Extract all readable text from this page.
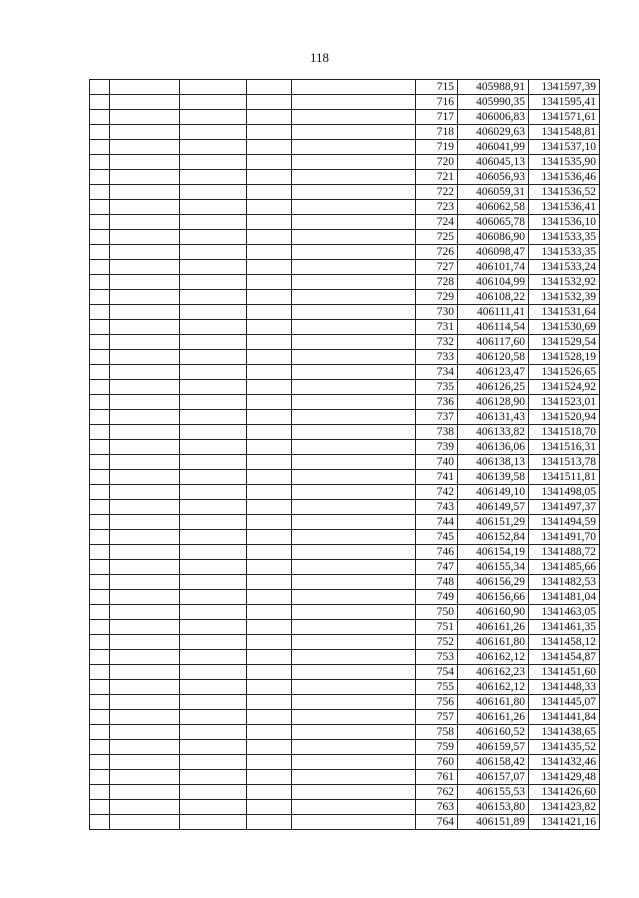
118
					715	405988,91	1341597,39
					716	405990,35	1341595,41
					717	406006,83	1341571,61
					718	406029,63	1341548,81
					719	406041,99	1341537,10
					720	406045,13	1341535,90
					721	406056,93	1341536,46
					722	406059,31	1341536,52
					723	406062,58	1341536,41
					724	406065,78	1341536,10
					725	406086,90	1341533,35
					726	406098,47	1341533,35
					727	406101,74	1341533,24
					728	406104,99	1341532,92
					729	406108,22	1341532,39
					730	406111,41	1341531,64
					731	406114,54	1341530,69
					732	406117,60	1341529,54
					733	406120,58	1341528,19
					734	406123,47	1341526,65
					735	406126,25	1341524,92
					736	406128,90	1341523,01
					737	406131,43	1341520,94
					738	406133,82	1341518,70
					739	406136,06	1341516,31
					740	406138,13	1341513,78
					741	406139,58	1341511,81
					742	406149,10	1341498,05
					743	406149,57	1341497,37
					744	406151,29	1341494,59
					745	406152,84	1341491,70
					746	406154,19	1341488,72
					747	406155,34	1341485,66
					748	406156,29	1341482,53
					749	406156,66	1341481,04
					750	406160,90	1341463,05
					751	406161,26	1341461,35
					752	406161,80	1341458,12
					753	406162,12	1341454,87
					754	406162,23	1341451,60
					755	406162,12	1341448,33
					756	406161,80	1341445,07
					757	406161,26	1341441,84
					758	406160,52	1341438,65
					759	406159,57	1341435,52
					760	406158,42	1341432,46
					761	406157,07	1341429,48
					762	406155,53	1341426,60
					763	406153,80	1341423,82
					764	406151,89	1341421,16
